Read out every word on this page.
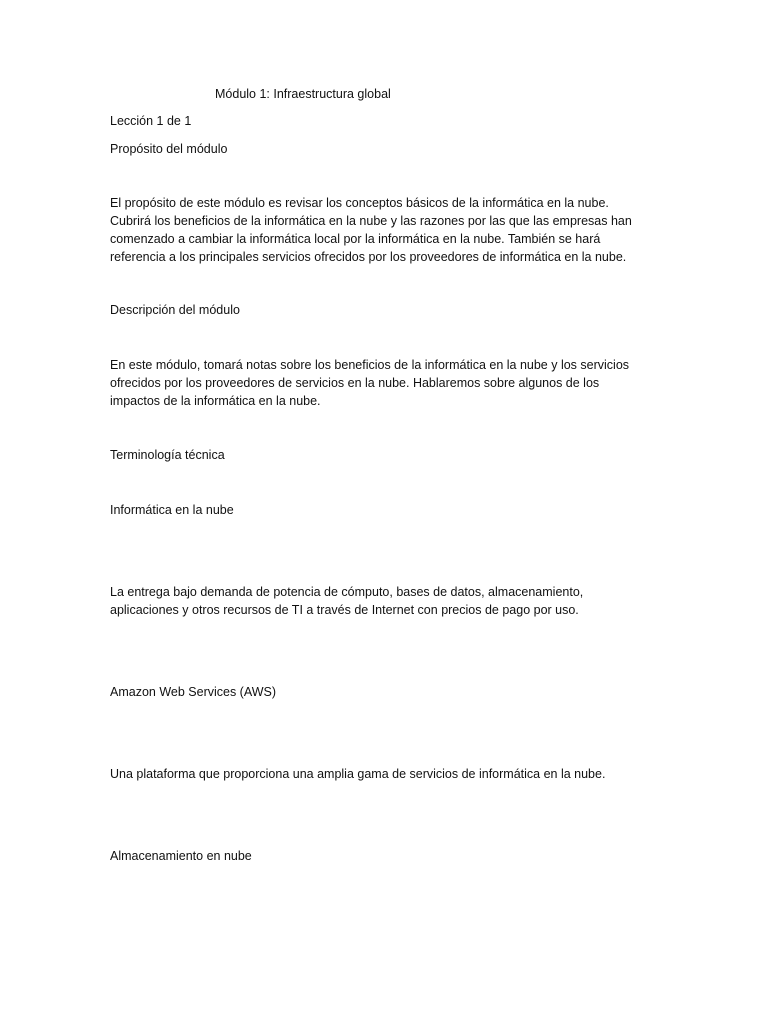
Módulo 1: Infraestructura global
Lección 1 de 1
Propósito del módulo
El propósito de este módulo es revisar los conceptos básicos de la informática en la nube.
Cubrirá los beneficios de la informática en la nube y las razones por las que las empresas han
comenzado a cambiar la informática local por la informática en la nube. También se hará
referencia a los principales servicios ofrecidos por los proveedores de informática en la nube.
Descripción del módulo
En este módulo, tomará notas sobre los beneficios de la informática en la nube y los servicios
ofrecidos por los proveedores de servicios en la nube. Hablaremos sobre algunos de los
impactos de la informática en la nube.
Terminología técnica
Informática en la nube
La entrega bajo demanda de potencia de cómputo, bases de datos, almacenamiento,
aplicaciones y otros recursos de TI a través de Internet con precios de pago por uso.
Amazon Web Services (AWS)
Una plataforma que proporciona una amplia gama de servicios de informática en la nube.
Almacenamiento en nube
